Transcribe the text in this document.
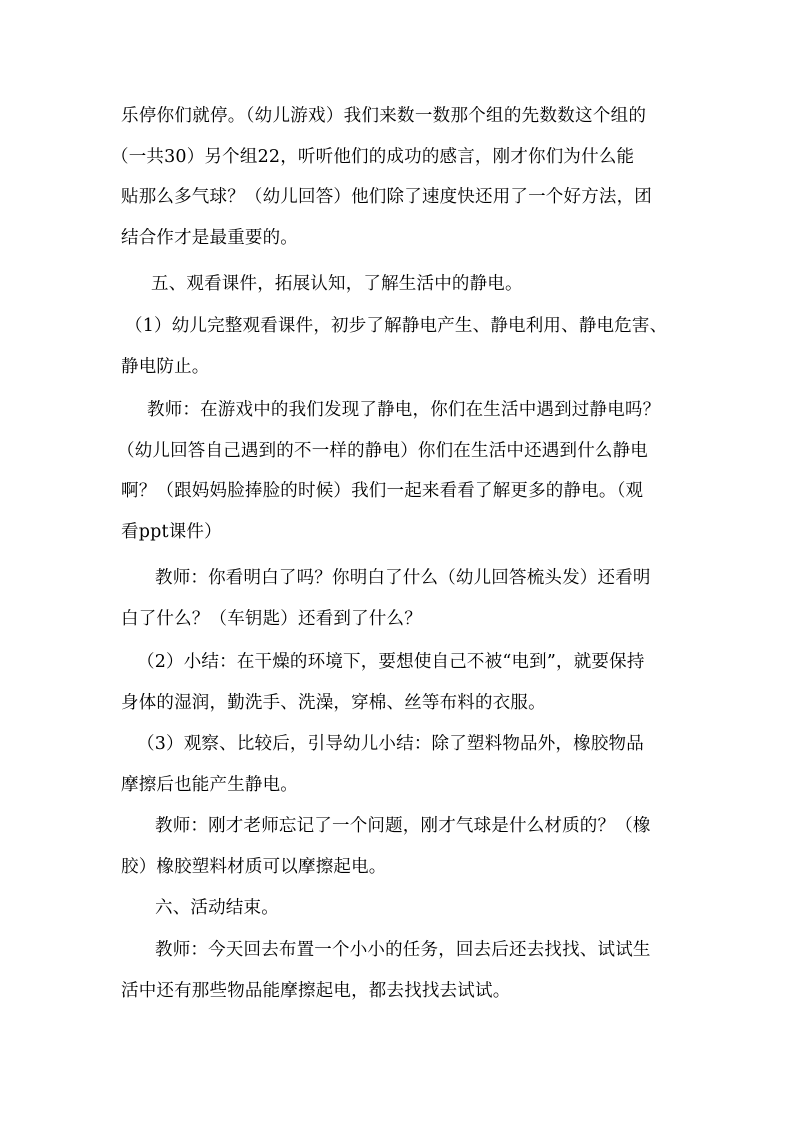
乐停你们就停。（幼儿游戏）我们来数一数那个组的先数数这个组的
（一共30）另个组22，听听他们的成功的感言，刚才你们为什么能
贴那么多气球？（幼儿回答）他们除了速度快还用了一个好方法，团
结合作才是最重要的。
五、观看课件，拓展认知，了解生活中的静电。
（1）幼儿完整观看课件，初步了解静电产生、静电利用、静电危害、
静电防止。
教师：在游戏中的我们发现了静电，你们在生活中遇到过静电吗？
（幼儿回答自己遇到的不一样的静电）你们在生活中还遇到什么静电
啊？（跟妈妈脸捧脸的时候）我们一起来看看了解更多的静电。（观
看ppt课件）
教师：你看明白了吗？你明白了什么（幼儿回答梳头发）还看明
白了什么？（车钥匙）还看到了什么？
（2）小结：在干燥的环境下，要想使自己不被“电到”，就要保持
身体的湿润，勤洗手、洗澡，穿棉、丝等布料的衣服。
（3）观察、比较后，引导幼儿小结：除了塑料物品外，橡胶物品
摩擦后也能产生静电。
教师：刚才老师忘记了一个问题，刚才气球是什么材质的？（橡
胶）橡胶塑料材质可以摩擦起电。
六、活动结束。
教师：今天回去布置一个小小的任务，回去后还去找找、试试生
活中还有那些物品能摩擦起电，都去找找去试试。
